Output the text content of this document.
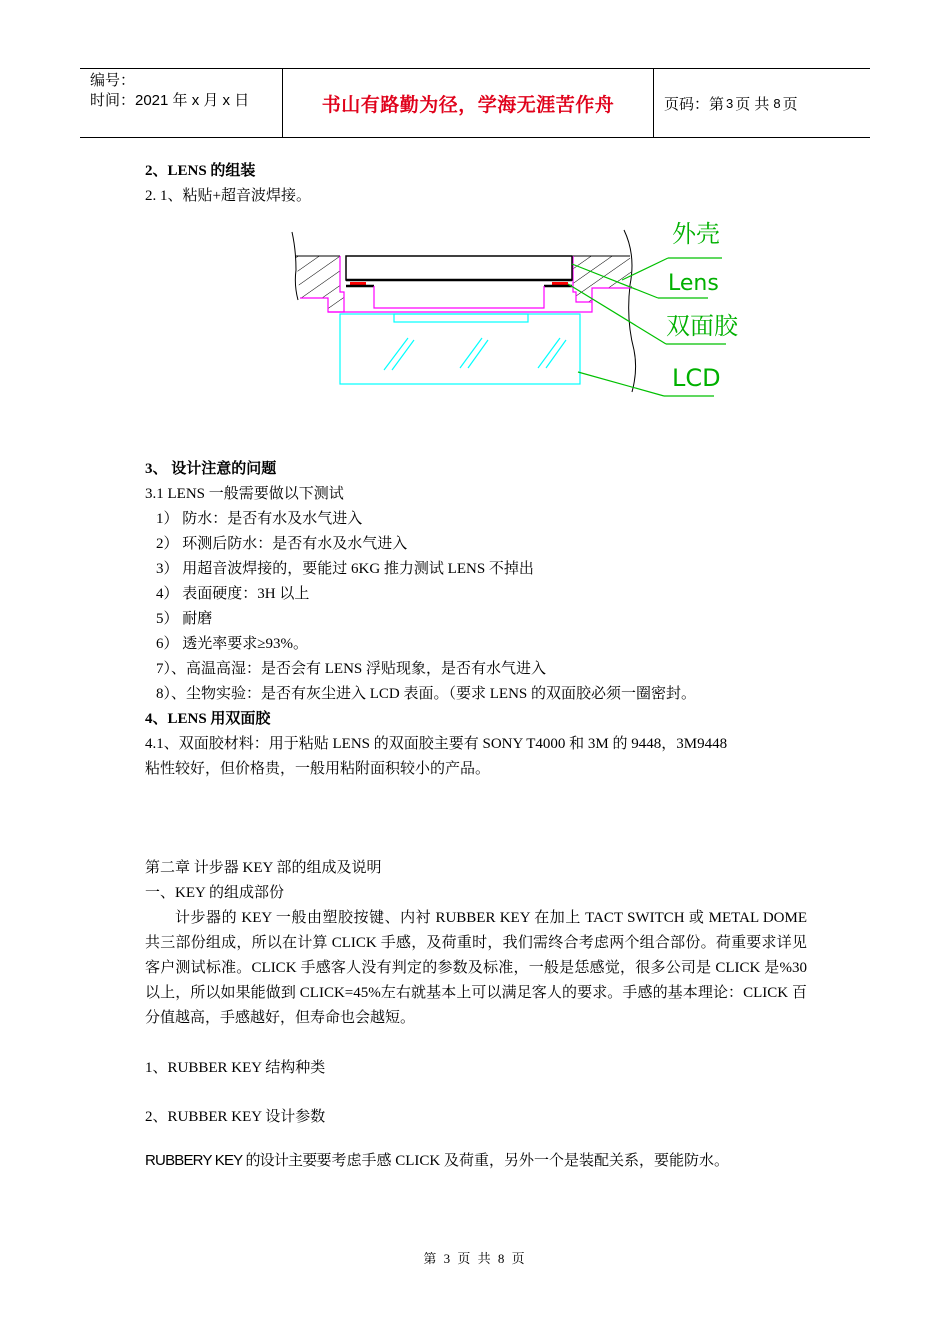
编号：
时间：2021 年 x 月 x 日	书山有路勤为径，学海无涯苦作舟	页码：第 3 页 共 8 页
2、LENS 的组装
2. 1、粘贴+超音波焊接。
外壳
Lens
双面胶
LCD
3、 设计注意的问题
3.1 LENS 一般需要做以下测试
1） 防水：是否有水及水气进入
2） 环测后防水：是否有水及水气进入
3） 用超音波焊接的，要能过 6KG 推力测试 LENS 不掉出
4） 表面硬度：3H 以上
5） 耐磨
6） 透光率要求≥93%。
7）、高温高湿：是否会有 LENS 浮贴现象，是否有水气进入
8）、尘物实验：是否有灰尘进入 LCD 表面。（要求 LENS 的双面胶必须一圈密封。
4、LENS 用双面胶
4.1、双面胶材料：用于粘贴 LENS 的双面胶主要有 SONY T4000 和 3M 的 9448，3M9448
粘性较好，但价格贵，一般用粘附面积较小的产品。
第二章 计步器 KEY 部的组成及说明
一、KEY 的组成部份
计步器的 KEY 一般由塑胶按键、内衬 RUBBER KEY 在加上 TACT SWITCH 或 METAL DOME 共三部份组成，所以在计算 CLICK 手感，及荷重时，我们需终合考虑两个组合部份。荷重要求详见客户测试标准。CLICK 手感客人没有判定的参数及标准，一般是恁感觉，很多公司是 CLICK 是%30 以上，所以如果能做到 CLICK=45%左右就基本上可以满足客人的要求。手感的基本理论：CLICK 百分值越高，手感越好，但寿命也会越短。
1、RUBBER KEY 结构种类
2、RUBBER KEY 设计参数
RUBBERY KEY 的设计主要要考虑手感 CLICK 及荷重，另外一个是装配关系，要能防水。
第 3 页 共 8 页
